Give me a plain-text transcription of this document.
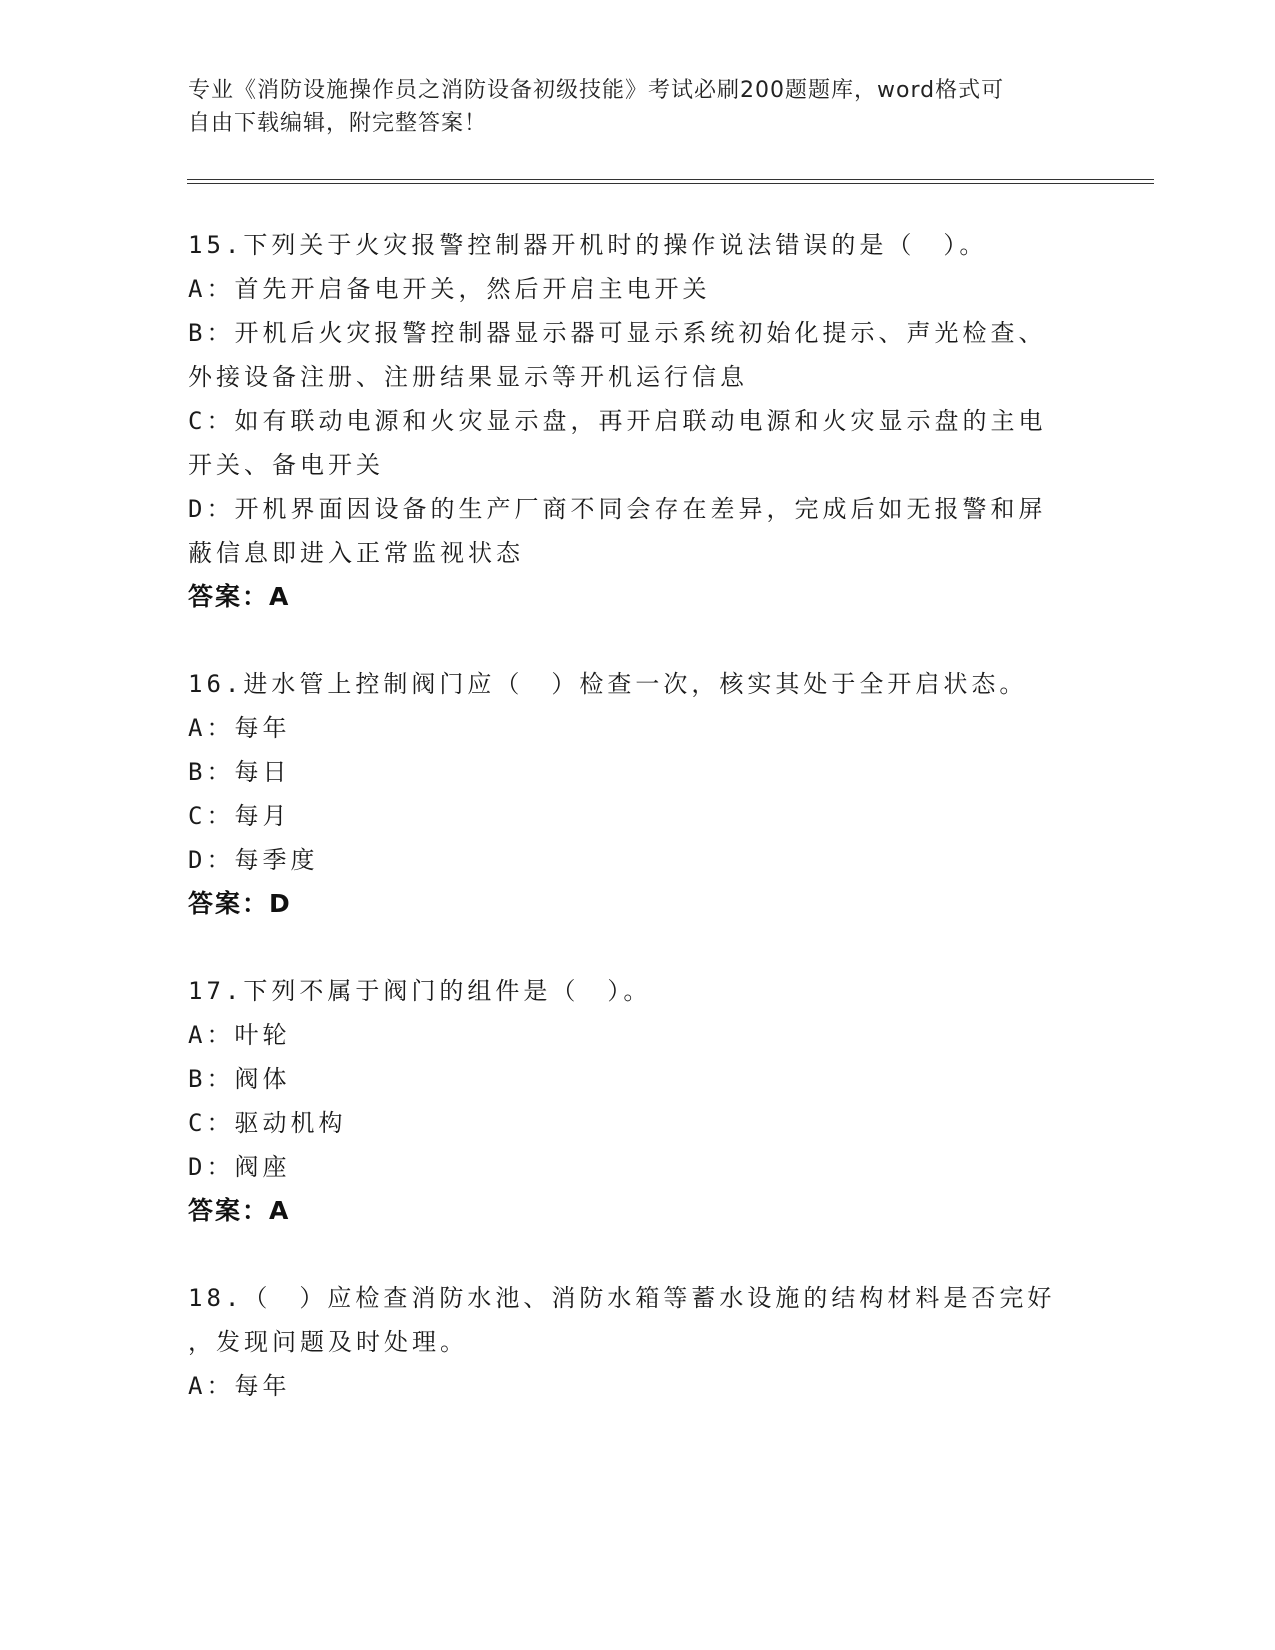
专业《消防设施操作员之消防设备初级技能》考试必刷200题题库，word格式可
自由下载编辑，附完整答案！
15.下列关于火灾报警控制器开机时的操作说法错误的是（　）。
A：首先开启备电开关，然后开启主电开关
B：开机后火灾报警控制器显示器可显示系统初始化提示、声光检查、
外接设备注册、注册结果显示等开机运行信息
C：如有联动电源和火灾显示盘，再开启联动电源和火灾显示盘的主电
开关、备电开关
D：开机界面因设备的生产厂商不同会存在差异，完成后如无报警和屏
蔽信息即进入正常监视状态
答案：A
16.进水管上控制阀门应（　）检查一次，核实其处于全开启状态。
A：每年
B：每日
C：每月
D：每季度
答案：D
17.下列不属于阀门的组件是（　）。
A：叶轮
B：阀体
C：驱动机构
D：阀座
答案：A
18.（　）应检查消防水池、消防水箱等蓄水设施的结构材料是否完好
，发现问题及时处理。
A：每年
